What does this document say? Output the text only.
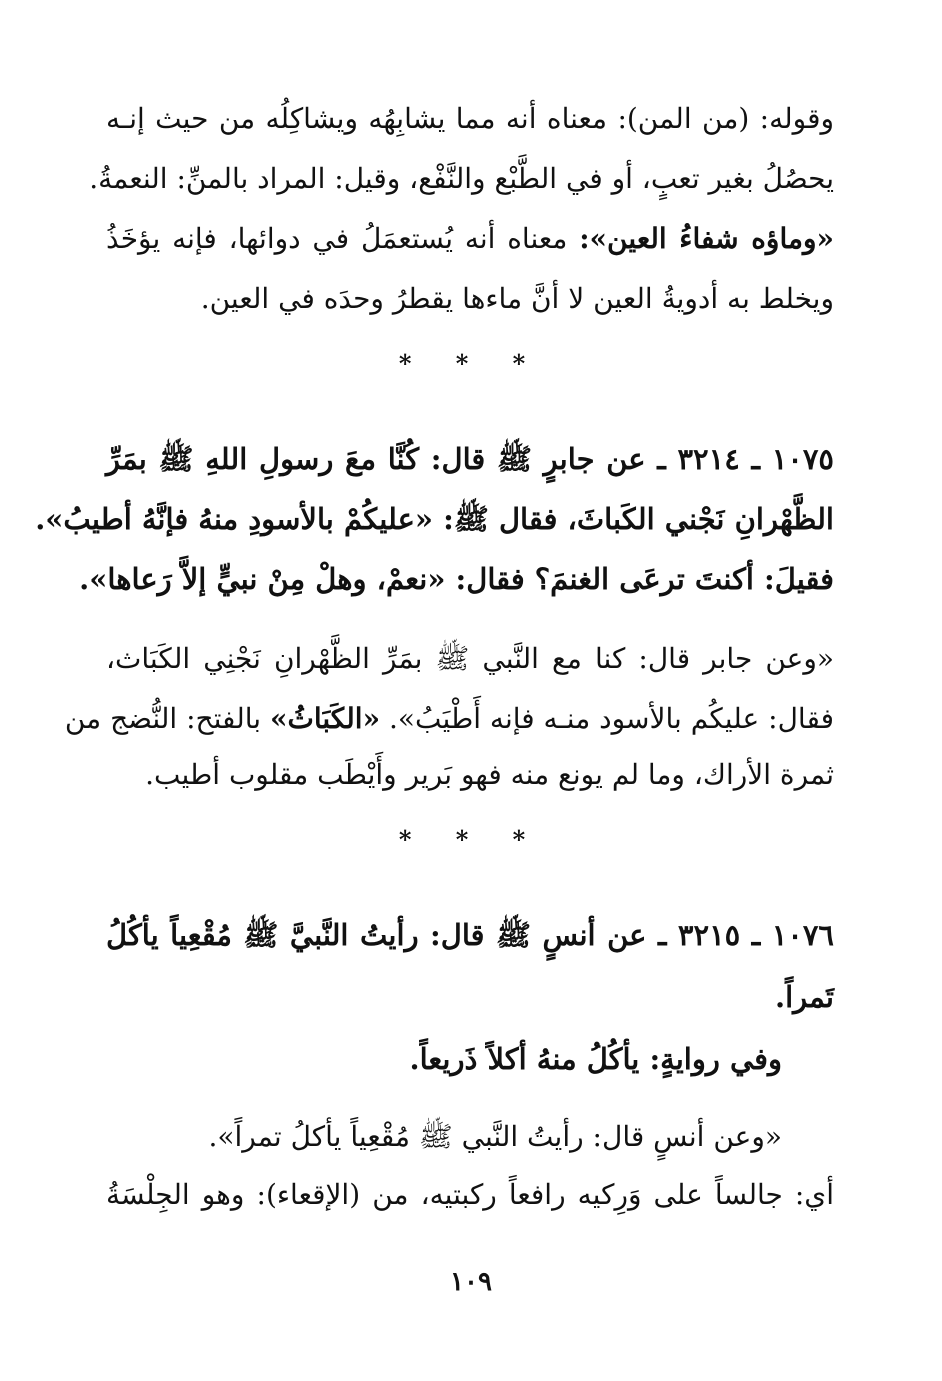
وقوله: (من المن): معناه أنه مما يشابِهُه ويشاكِلُه من حيث إنـه
يحصُلُ بغير تعبٍ، أو في الطَّبْع والنَّفْع، وقيل: المراد بالمنِّ: النعمةُ.
«وماؤه شفاءُ العين»: معناه أنه يُستعمَلُ في دوائها، فإنه يؤخَذُ
ويخلط به أدويةُ العين لا أنَّ ماءها يقطرُ وحدَه في العين.
* * *
١٠٧٥ ـ ٣٢١٤ ـ عن جابرٍ ﷺ قال: كُنَّا معَ رسولِ اللهِ ﷺ بمَرِّ
الظَّهْرانِ نَجْني الكَباثَ، فقال ﷺ: «عليكُمْ بالأسودِ منهُ فإنَّهُ أطيبُ».
فقيلَ: أكنتَ ترعَى الغنمَ؟ فقال: «نعمْ، وهلْ مِنْ نبيٍّ إلاَّ رَعاها».
«وعن جابر قال: كنا مع النَّبي ﷺ بمَرِّ الظَّهْرانِ نَجْنِي الكَبَاث،
فقال: عليكُم بالأسود منـه فإنه أَطْيَبُ». «الكَبَاثُ» بالفتح: النُّضج من
ثمرة الأراك، وما لم يونع منه فهو بَرير وأَيْطَب مقلوب أطيب.
* * *
١٠٧٦ ـ ٣٢١٥ ـ عن أنسٍ ﷺ قال: رأيتُ النَّبيَّ ﷺ مُقْعِياً يأكُلُ
تَمراً.
وفي روايةٍ: يأكُلُ منهُ أكلاً ذَريعاً.
«وعن أنسٍ قال: رأيتُ النَّبي ﷺ مُقْعِياً يأكلُ تمراً».
أي: جالساً على وَرِكيه رافعاً ركبتيه، من (الإقعاء): وهو الجِلْسَةُ
١٠٩
